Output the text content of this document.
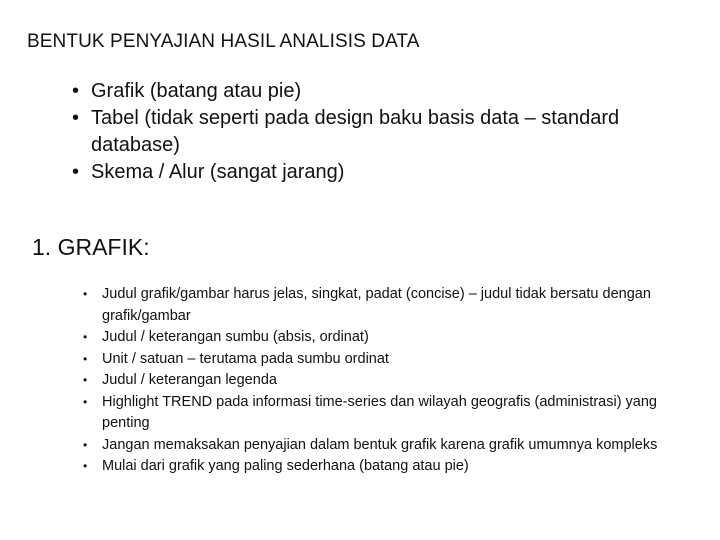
BENTUK PENYAJIAN HASIL ANALISIS DATA
• Grafik (batang atau pie)
• Tabel (tidak seperti pada design baku basis data – standard database)
• Skema / Alur (sangat jarang)
1. GRAFIK:
• Judul grafik/gambar harus jelas, singkat, padat (concise) – judul tidak bersatu dengan grafik/gambar
• Judul / keterangan sumbu (absis, ordinat)
• Unit / satuan – terutama pada sumbu ordinat
• Judul / keterangan legenda
• Highlight TREND pada informasi time-series dan wilayah geografis (administrasi) yang penting
• Jangan memaksakan penyajian dalam bentuk grafik karena grafik umumnya kompleks
• Mulai dari grafik yang paling sederhana (batang atau pie)
